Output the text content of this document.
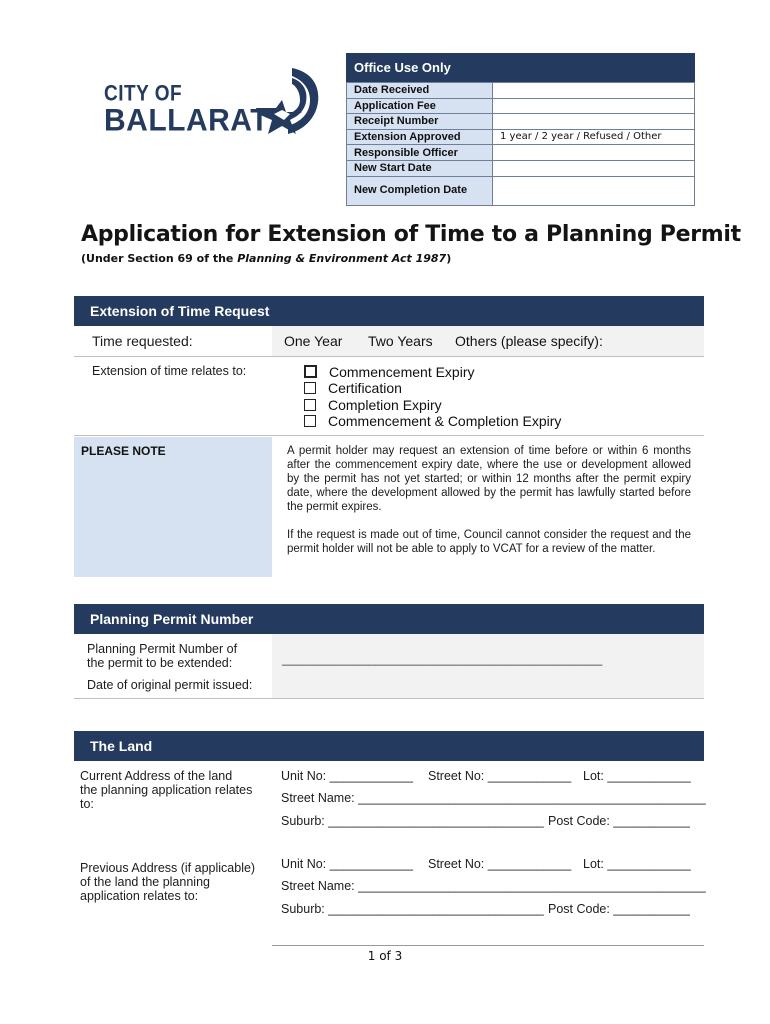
CITY OF
BALLARAT
Office Use Only
Date Received	
Application Fee	
Receipt Number	
Extension Approved	1 year / 2 year / Refused / Other
Responsible Officer	
New Start Date	
New Completion Date	
Application for Extension of Time to a Planning Permit
(Under Section 69 of the Planning & Environment Act 1987)
Extension of Time Request
Time requested:	One Year Two Years Others (please specify):
Extension of time relates to:	Commencement Expiry
Certification
Completion Expiry
Commencement & Completion Expiry
PLEASE NOTE	A permit holder may request an extension of time before or within 6 months after the commencement expiry date, where the use or development allowed by the permit has not yet started; or within 12 months after the permit expiry date, where the development allowed by the permit has lawfully started before the permit expires.
If the request is made out of time, Council cannot consider the request and the permit holder will not be able to apply to VCAT for a review of the matter.
Planning Permit Number
Planning Permit Number of
the permit to be extended:	________________________________________________
Date of original permit issued:
The Land
Current Address of the land
the planning application relates
to:
Unit No: ____________ Street No: ____________ Lot: ____________
Street Name: __________________________________________________
Suburb: _______________________________ Post Code: ___________
Previous Address (if applicable)
of the land the planning
application relates to:
Unit No: ____________ Street No: ____________ Lot: ____________
Street Name: __________________________________________________
Suburb: _______________________________ Post Code: ___________
1 of 3
